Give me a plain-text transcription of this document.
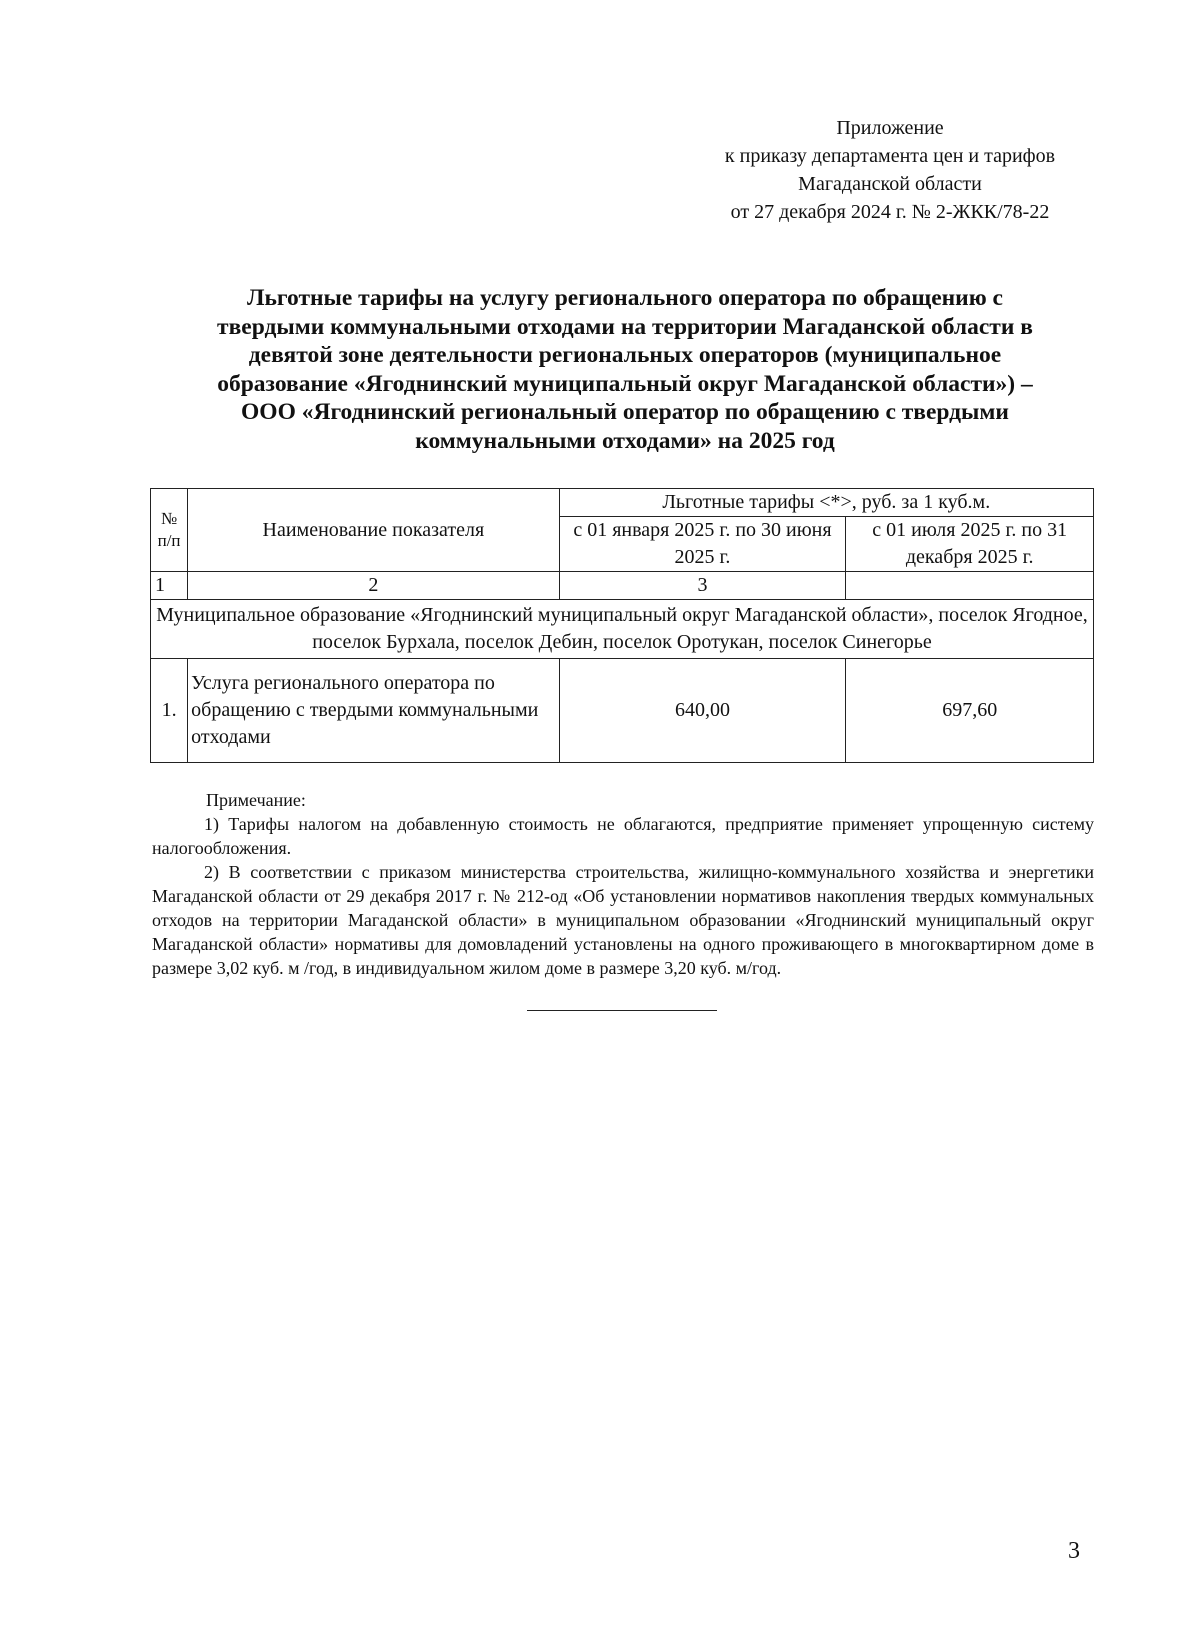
Приложение
к приказу департамента цен и тарифов
Магаданской области
от 27 декабря 2024 г. № 2-ЖКК/78-22
Льготные тарифы на услугу регионального оператора по обращению с
твердыми коммунальными отходами на территории Магаданской области в
девятой зоне деятельности региональных операторов (муниципальное
образование «Ягоднинский муниципальный округ Магаданской области») –
ООО «Ягоднинский региональный оператор по обращению с твердыми
коммунальными отходами» на 2025 год
№ п/п	Наименование показателя	Льготные тарифы <*>, руб. за 1 куб.м.	
		с 01 января 2025 г. по 30 июня 2025 г.	с 01 июля 2025 г. по 31 декабря 2025 г.
1	2	3	
Муниципальное образование «Ягоднинский муниципальный округ Магаданской области», поселок Ягодное, поселок Бурхала, поселок Дебин, поселок Оротукан, поселок Синегорье			
1.	Услуга регионального оператора по обращению с твердыми коммунальными отходами	640,00	697,60

Примечание:

1) Тарифы налогом на добавленную стоимость не облагаются, предприятие применяет упрощенную систему налогообложения.

2) В соответствии с приказом министерства строительства, жилищно-коммунального хозяйства и энергетики Магаданской области от 29 декабря 2017 г. № 212-од «Об установлении нормативов накопления твердых коммунальных отходов на территории Магаданской области» в муниципальном образовании «Ягоднинский муниципальный округ Магаданской области» нормативы для домовладений установлены на одного проживающего в многоквартирном доме в размере 3,02 куб. м /год, в индивидуальном жилом доме в размере 3,20 куб. м/год.

3
